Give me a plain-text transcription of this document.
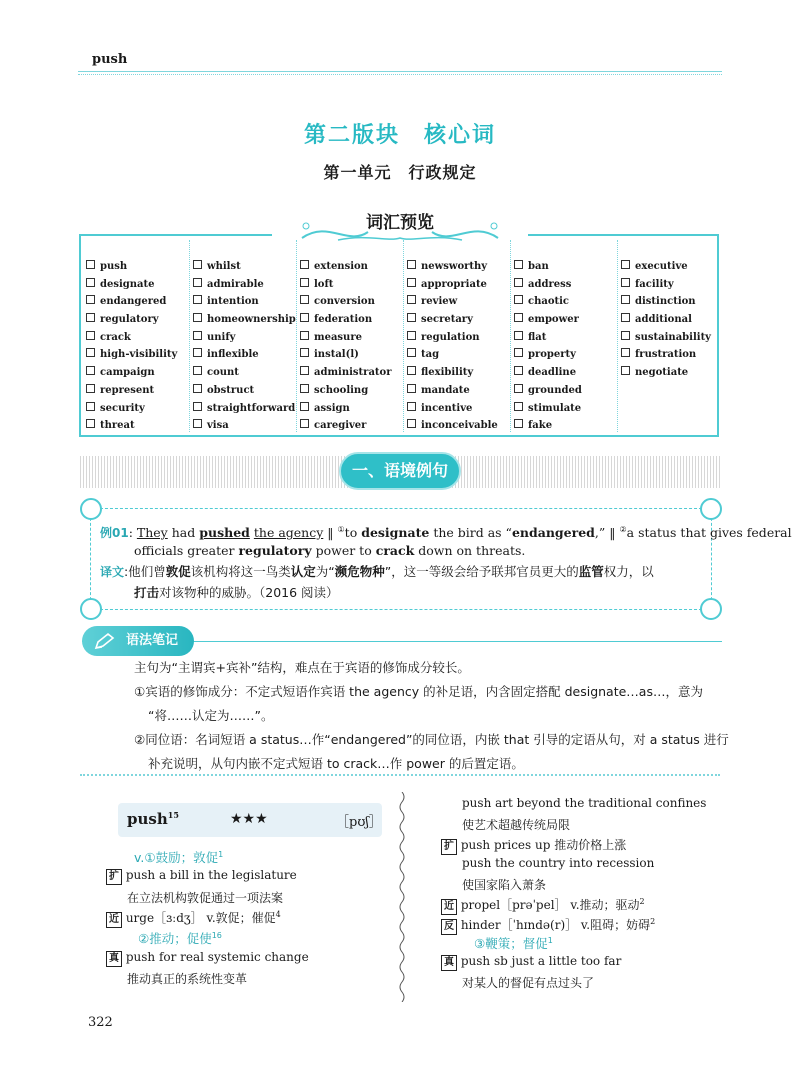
push
第二版块　核心词
第一单元　行政规定
词汇预览
push
designate
endangered
regulatory
crack
high-visibility
campaign
represent
security
threat
whilst
admirable
intention
homeownership
unify
inflexible
count
obstruct
straightforward
visa
extension
loft
conversion
federation
measure
instal(l)
administrator
schooling
assign
caregiver
newsworthy
appropriate
review
secretary
regulation
tag
flexibility
mandate
incentive
inconceivable
ban
address
chaotic
empower
flat
property
deadline
grounded
stimulate
fake
executive
facility
distinction
additional
sustainability
frustration
negotiate
一、语境例句
例01: They had pushed the agency ‖ ①to designate the bird as “endangered,” ‖ ②a status that gives federal
officials greater regulatory power to crack down on threats.
译文:他们曾敦促该机构将这一鸟类认定为“濒危物种”，这一等级会给予联邦官员更大的监管权力，以
打击对该物种的威胁。（2016 阅读）
语法笔记
主句为“主谓宾+宾补”结构，难点在于宾语的修饰成分较长。
①宾语的修饰成分：不定式短语作宾语 the agency 的补足语，内含固定搭配 designate…as…，意为
“将……认定为……”。
②同位语：名词短语 a status…作“endangered”的同位语，内嵌 that 引导的定语从句，对 a status 进行
补充说明，从句内嵌不定式短语 to crack…作 power 的后置定语。
push$^{15}$	★★★	［pʊʃ］
v.①鼓励；敦促$^1$
扩 push a bill in the legislature
在立法机构敦促通过一项法案
近 urge［ɜːdʒ］ v.敦促；催促$^4$
②推动；促使$^{16}$
真 push for real systemic change
推动真正的系统性变革
push art beyond the traditional confines
使艺术超越传统局限
扩 push prices up 推动价格上涨
push the country into recession
使国家陷入萧条
近 propel［prəˈpel］ v.推动；驱动$^2$
反 hinder［ˈhɪndə(r)］ v.阻碍；妨碍$^2$
③鞭策；督促$^1$
真 push sb just a little too far
对某人的督促有点过头了
322
